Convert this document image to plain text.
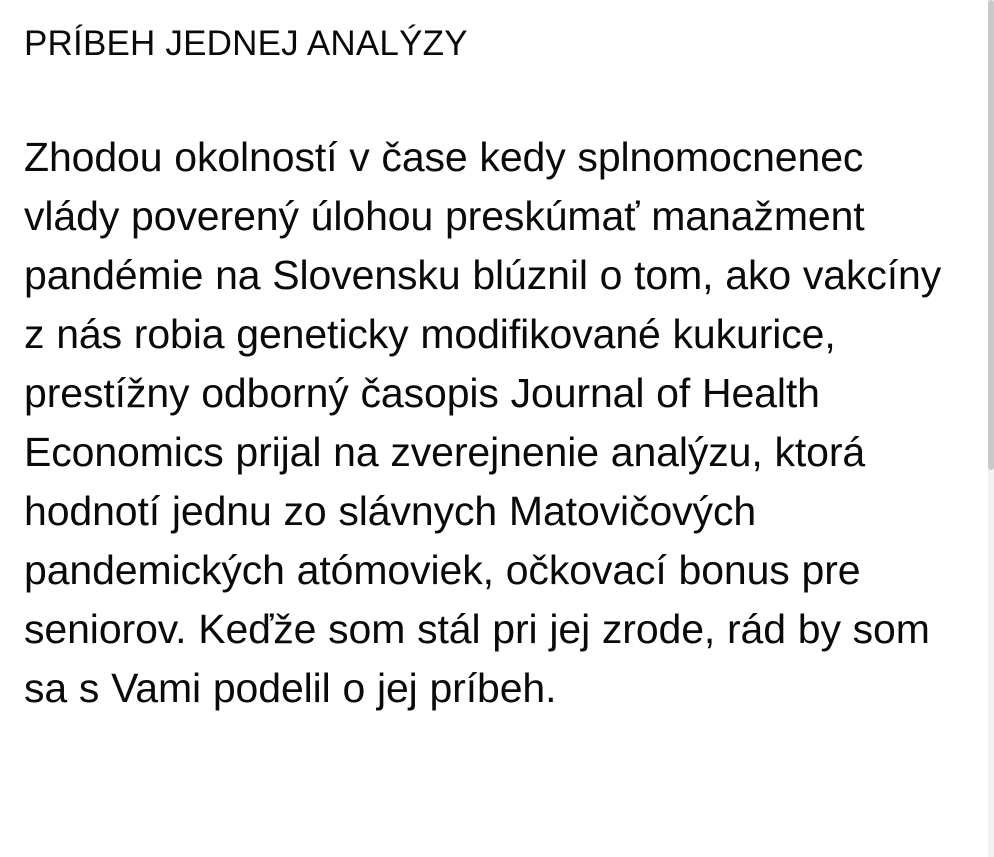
PRÍBEH JEDNEJ ANALÝZY

Zhodou okolností v čase kedy splnomocnenec vlády poverený úlohou preskúmať manažment pandémie na Slovensku blúznil o tom, ako vakcíny z nás robia geneticky modifikované kukurice, prestížny odborný časopis Journal of Health Economics prijal na zverejnenie analýzu, ktorá hodnotí jednu zo slávnych Matovičových pandemických atómoviek, očkovací bonus pre seniorov. Keďže som stál pri jej zrode, rád by som sa s Vami podelil o jej príbeh.
